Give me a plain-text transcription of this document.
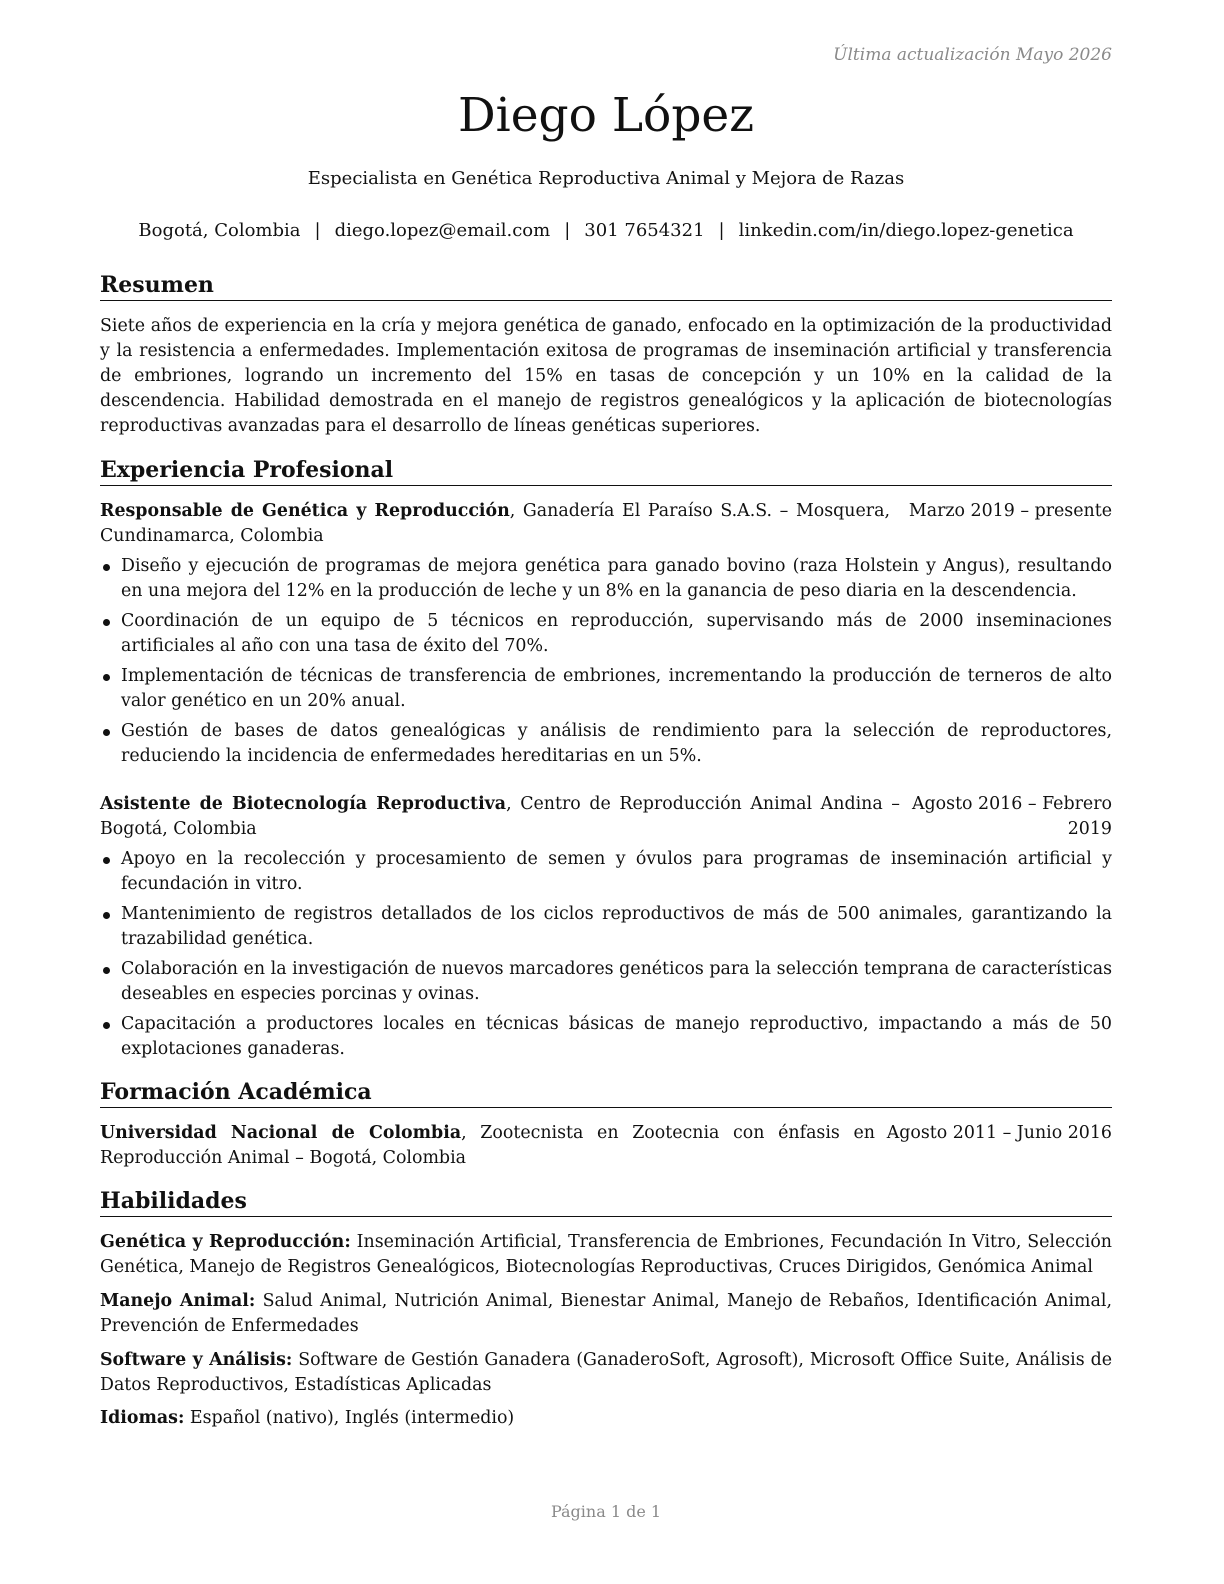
Última actualización Mayo 2026
Diego López
Especialista en Genética Reproductiva Animal y Mejora de Razas
Bogotá, Colombia | diego.lopez@email.com | 301 7654321 | linkedin.com/in/diego.lopez-genetica
Resumen
Siete años de experiencia en la cría y mejora genética de ganado, enfocado en la optimización de la productividad y la resistencia a enfermedades. Implementación exitosa de programas de inseminación artificial y transferencia de embriones, logrando un incremento del 15% en tasas de concepción y un 10% en la calidad de la descendencia. Habilidad demostrada en el manejo de registros genealógicos y la aplicación de biotecnologías reproductivas avanzadas para el desarrollo de líneas genéticas superiores.
Experiencia Profesional
Responsable de Genética y Reproducción, Ganadería El Paraíso S.A.S. – Mosquera, Cundinamarca, Colombia
Marzo 2019 – presente
Diseño y ejecución de programas de mejora genética para ganado bovino (raza Holstein y Angus), resultando en una mejora del 12% en la producción de leche y un 8% en la ganancia de peso diaria en la descendencia.
Coordinación de un equipo de 5 técnicos en reproducción, supervisando más de 2000 inseminaciones artificiales al año con una tasa de éxito del 70%.
Implementación de técnicas de transferencia de embriones, incrementando la producción de terneros de alto valor genético en un 20% anual.
Gestión de bases de datos genealógicas y análisis de rendimiento para la selección de reproductores, reduciendo la incidencia de enfermedades hereditarias en un 5%.
Asistente de Biotecnología Reproductiva, Centro de Reproducción Animal Andina – Bogotá, Colombia
Agosto 2016 – Febrero 2019
Apoyo en la recolección y procesamiento de semen y óvulos para programas de inseminación artificial y fecundación in vitro.
Mantenimiento de registros detallados de los ciclos reproductivos de más de 500 animales, garantizando la trazabilidad genética.
Colaboración en la investigación de nuevos marcadores genéticos para la selección temprana de características deseables en especies porcinas y ovinas.
Capacitación a productores locales en técnicas básicas de manejo reproductivo, impactando a más de 50 explotaciones ganaderas.
Formación Académica
Universidad Nacional de Colombia, Zootecnista en Zootecnia con énfasis en Reproducción Animal – Bogotá, Colombia
Agosto 2011 – Junio 2016
Habilidades
Genética y Reproducción: Inseminación Artificial, Transferencia de Embriones, Fecundación In Vitro, Selección Genética, Manejo de Registros Genealógicos, Biotecnologías Reproductivas, Cruces Dirigidos, Genómica Animal
Manejo Animal: Salud Animal, Nutrición Animal, Bienestar Animal, Manejo de Rebaños, Identificación Animal, Prevención de Enfermedades
Software y Análisis: Software de Gestión Ganadera (GanaderoSoft, Agrosoft), Microsoft Office Suite, Análisis de Datos Reproductivos, Estadísticas Aplicadas
Idiomas: Español (nativo), Inglés (intermedio)
Página 1 de 1
